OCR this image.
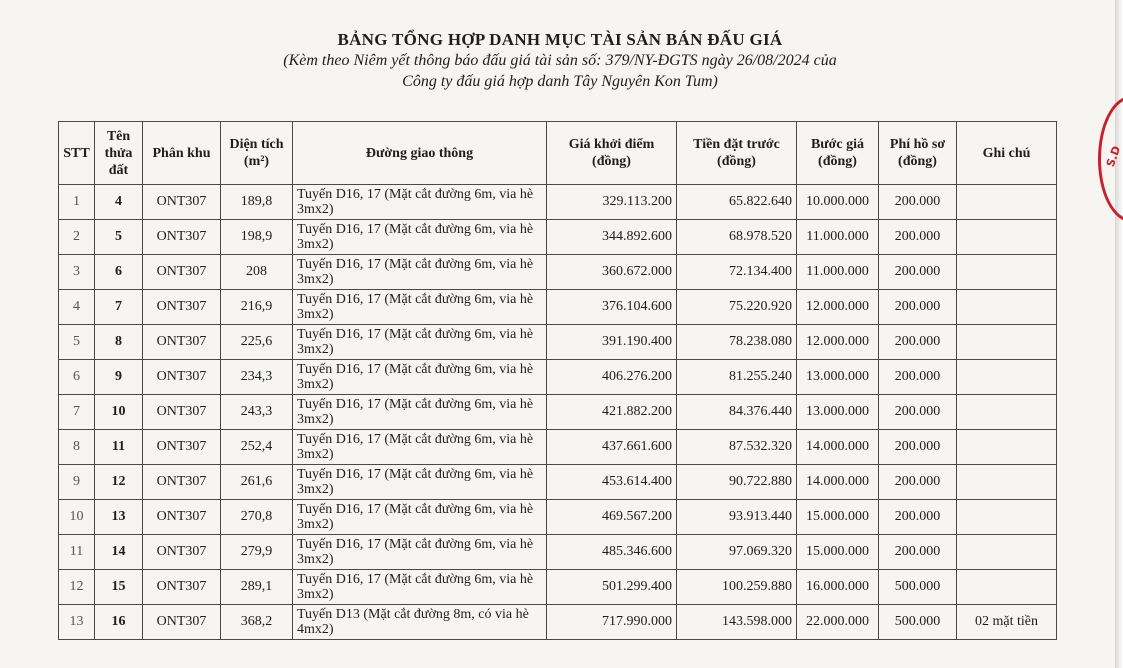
S.D
BẢNG TỔNG HỢP DANH MỤC TÀI SẢN BÁN ĐẤU GIÁ
(Kèm theo Niêm yết thông báo đấu giá tài sản số: 379/NY-ĐGTS ngày 26/08/2024 của
Công ty đấu giá hợp danh Tây Nguyên Kon Tum)
STT	Tên thửa đất	Phân khu	Diện tích (m²)	Đường giao thông	Giá khởi điểm (đồng)	Tiền đặt trước (đồng)	Bước giá (đồng)	Phí hồ sơ (đồng)	Ghi chú
1	4	ONT307	189,8	Tuyến D16, 17 (Mặt cắt đường 6m, via hè 3mx2)	329.113.200	65.822.640	10.000.000	200.000	
2	5	ONT307	198,9	Tuyến D16, 17 (Mặt cắt đường 6m, via hè 3mx2)	344.892.600	68.978.520	11.000.000	200.000	
3	6	ONT307	208	Tuyến D16, 17 (Mặt cắt đường 6m, via hè 3mx2)	360.672.000	72.134.400	11.000.000	200.000	
4	7	ONT307	216,9	Tuyến D16, 17 (Mặt cắt đường 6m, via hè 3mx2)	376.104.600	75.220.920	12.000.000	200.000	
5	8	ONT307	225,6	Tuyến D16, 17 (Mặt cắt đường 6m, via hè 3mx2)	391.190.400	78.238.080	12.000.000	200.000	
6	9	ONT307	234,3	Tuyến D16, 17 (Mặt cắt đường 6m, via hè 3mx2)	406.276.200	81.255.240	13.000.000	200.000	
7	10	ONT307	243,3	Tuyến D16, 17 (Mặt cắt đường 6m, via hè 3mx2)	421.882.200	84.376.440	13.000.000	200.000	
8	11	ONT307	252,4	Tuyến D16, 17 (Mặt cắt đường 6m, via hè 3mx2)	437.661.600	87.532.320	14.000.000	200.000	
9	12	ONT307	261,6	Tuyến D16, 17 (Mặt cắt đường 6m, via hè 3mx2)	453.614.400	90.722.880	14.000.000	200.000	
10	13	ONT307	270,8	Tuyến D16, 17 (Mặt cắt đường 6m, via hè 3mx2)	469.567.200	93.913.440	15.000.000	200.000	
11	14	ONT307	279,9	Tuyến D16, 17 (Mặt cắt đường 6m, via hè 3mx2)	485.346.600	97.069.320	15.000.000	200.000	
12	15	ONT307	289,1	Tuyến D16, 17 (Mặt cắt đường 6m, via hè 3mx2)	501.299.400	100.259.880	16.000.000	500.000	
13	16	ONT307	368,2	Tuyến D13 (Mặt cắt đường 8m, có via hè 4mx2)	717.990.000	143.598.000	22.000.000	500.000	02 mặt tiền
